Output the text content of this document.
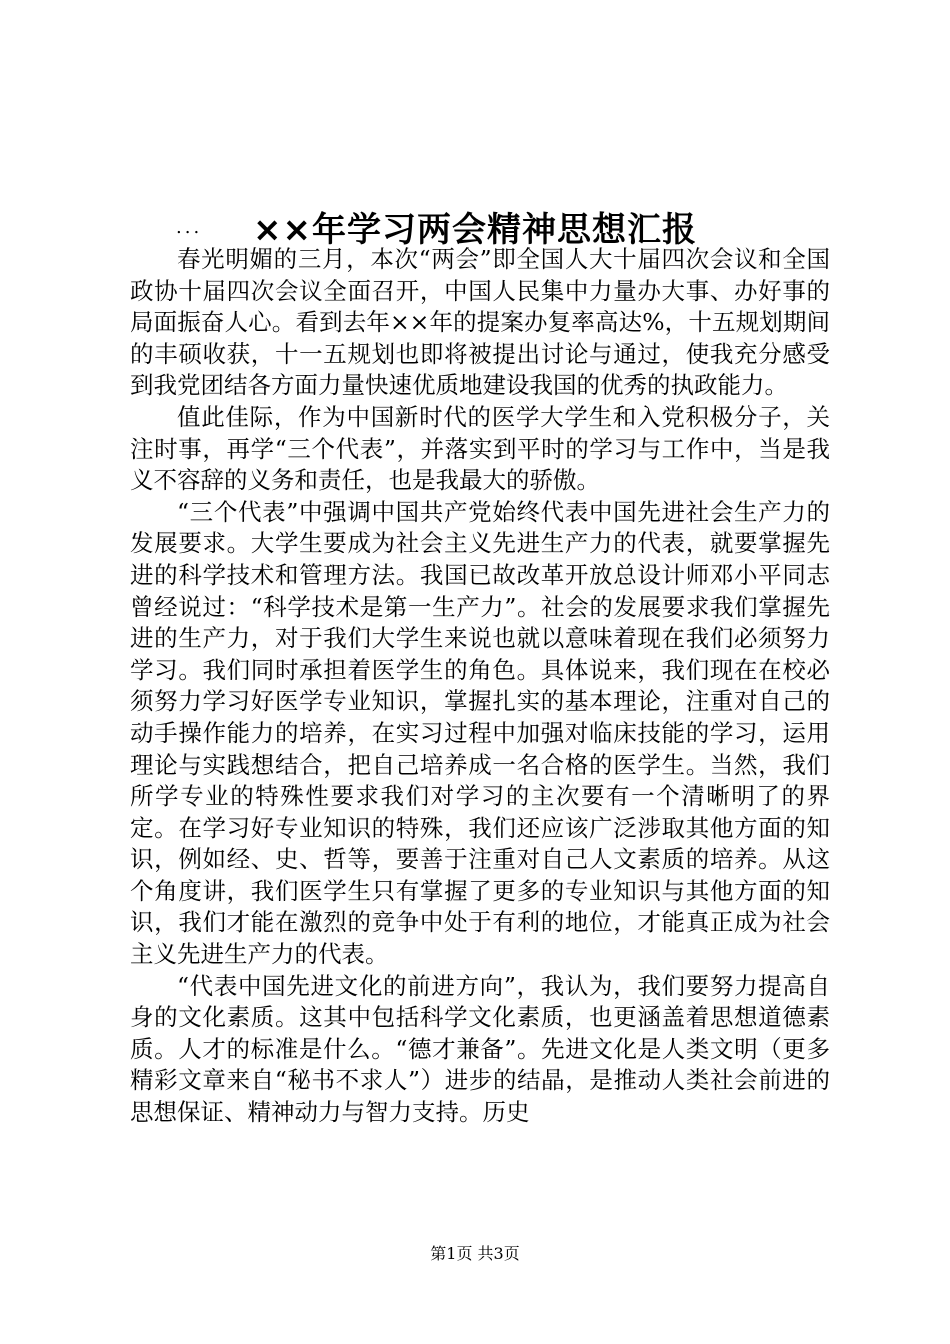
××年学习两会精神思想汇报
...

春光明媚的三月，本次“两会”即全国人大十届四次会议和全国政协十届四次会议全面召开，中国人民集中力量办大事、办好事的局面振奋人心。看到去年××年的提案办复率高达%，十五规划期间的丰硕收获，十一五规划也即将被提出讨论与通过，使我充分感受到我党团结各方面力量快速优质地建设我国的优秀的执政能力。

值此佳际，作为中国新时代的医学大学生和入党积极分子，关注时事，再学“三个代表”，并落实到平时的学习与工作中，当是我义不容辞的义务和责任，也是我最大的骄傲。

“三个代表”中强调中国共产党始终代表中国先进社会生产力的发展要求。大学生要成为社会主义先进生产力的代表，就要掌握先进的科学技术和管理方法。我国已故改革开放总设计师邓小平同志曾经说过：“科学技术是第一生产力”。社会的发展要求我们掌握先进的生产力，对于我们大学生来说也就以意味着现在我们必须努力学习。我们同时承担着医学生的角色。具体说来，我们现在在校必须努力学习好医学专业知识，掌握扎实的基本理论，注重对自己的动手操作能力的培养，在实习过程中加强对临床技能的学习，运用理论与实践想结合，把自己培养成一名合格的医学生。当然，我们所学专业的特殊性要求我们对学习的主次要有一个清晰明了的界定。在学习好专业知识的特殊，我们还应该广泛涉取其他方面的知识，例如经、史、哲等，要善于注重对自己人文素质的培养。从这个角度讲，我们医学生只有掌握了更多的专业知识与其他方面的知识，我们才能在激烈的竞争中处于有利的地位，才能真正成为社会主义先进生产力的代表。

“代表中国先进文化的前进方向”，我认为，我们要努力提高自身的文化素质。这其中包括科学文化素质，也更涵盖着思想道德素质。人才的标准是什么。“德才兼备”。先进文化是人类文明（更多精彩文章来自“秘书不求人”）进步的结晶，是推动人类社会前进的思想保证、精神动力与智力支持。历史

第1页 共3页
